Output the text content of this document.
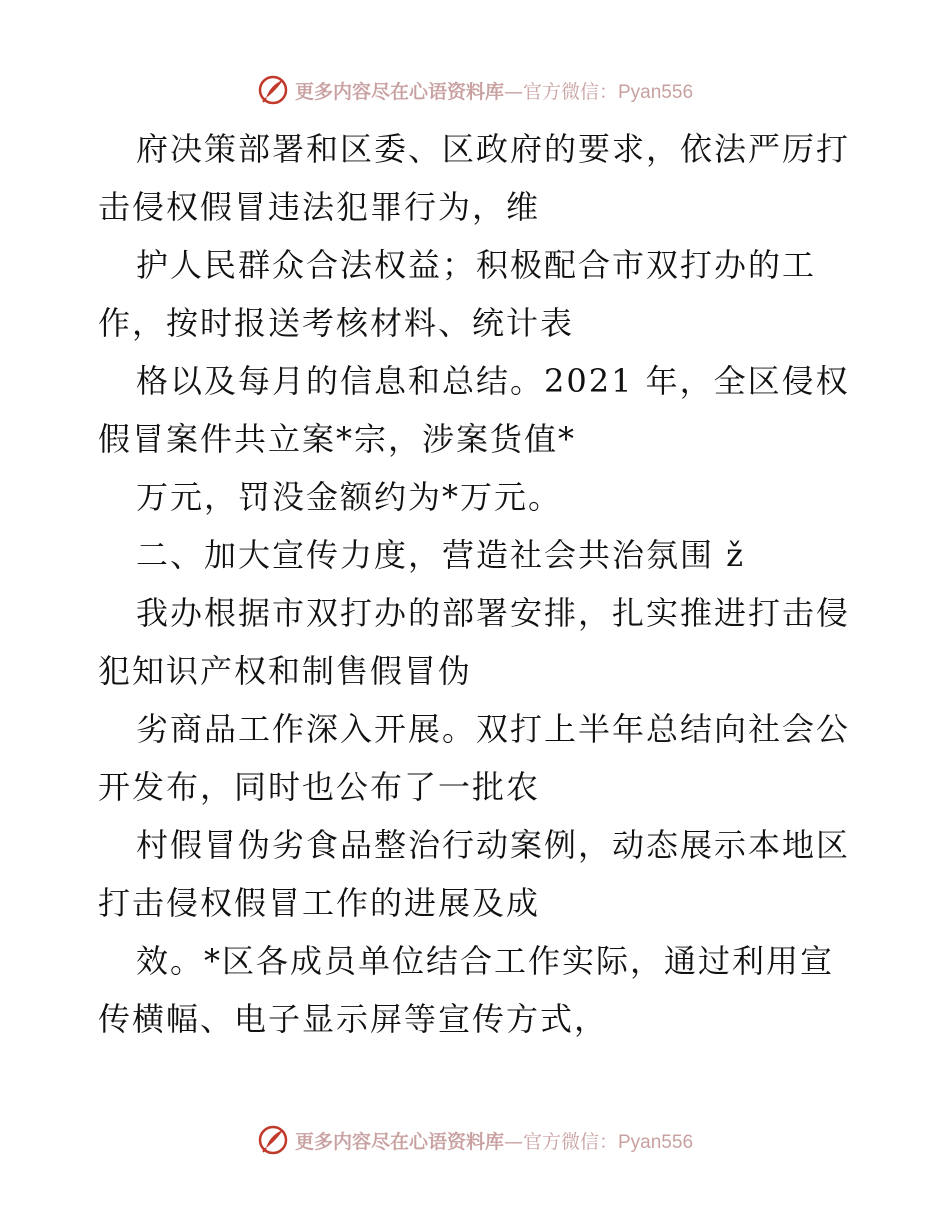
更多内容尽在心语资料库—官方微信：Pyan556
府决策部署和区委、区政府的要求，依法严厉打
击侵权假冒违法犯罪行为，维
护人民群众合法权益；积极配合市双打办的工
作，按时报送考核材料、统计表
格以及每月的信息和总结。2021 年，全区侵权
假冒案件共立案*宗，涉案货值*
万元，罚没金额约为*万元。
二、加大宣传力度，营造社会共治氛围 ž
我办根据市双打办的部署安排，扎实推进打击侵
犯知识产权和制售假冒伪
劣商品工作深入开展。双打上半年总结向社会公
开发布，同时也公布了一批农
村假冒伪劣食品整治行动案例，动态展示本地区
打击侵权假冒工作的进展及成
效。*区各成员单位结合工作实际，通过利用宣
传横幅、电子显示屏等宣传方式，
更多内容尽在心语资料库—官方微信：Pyan556
